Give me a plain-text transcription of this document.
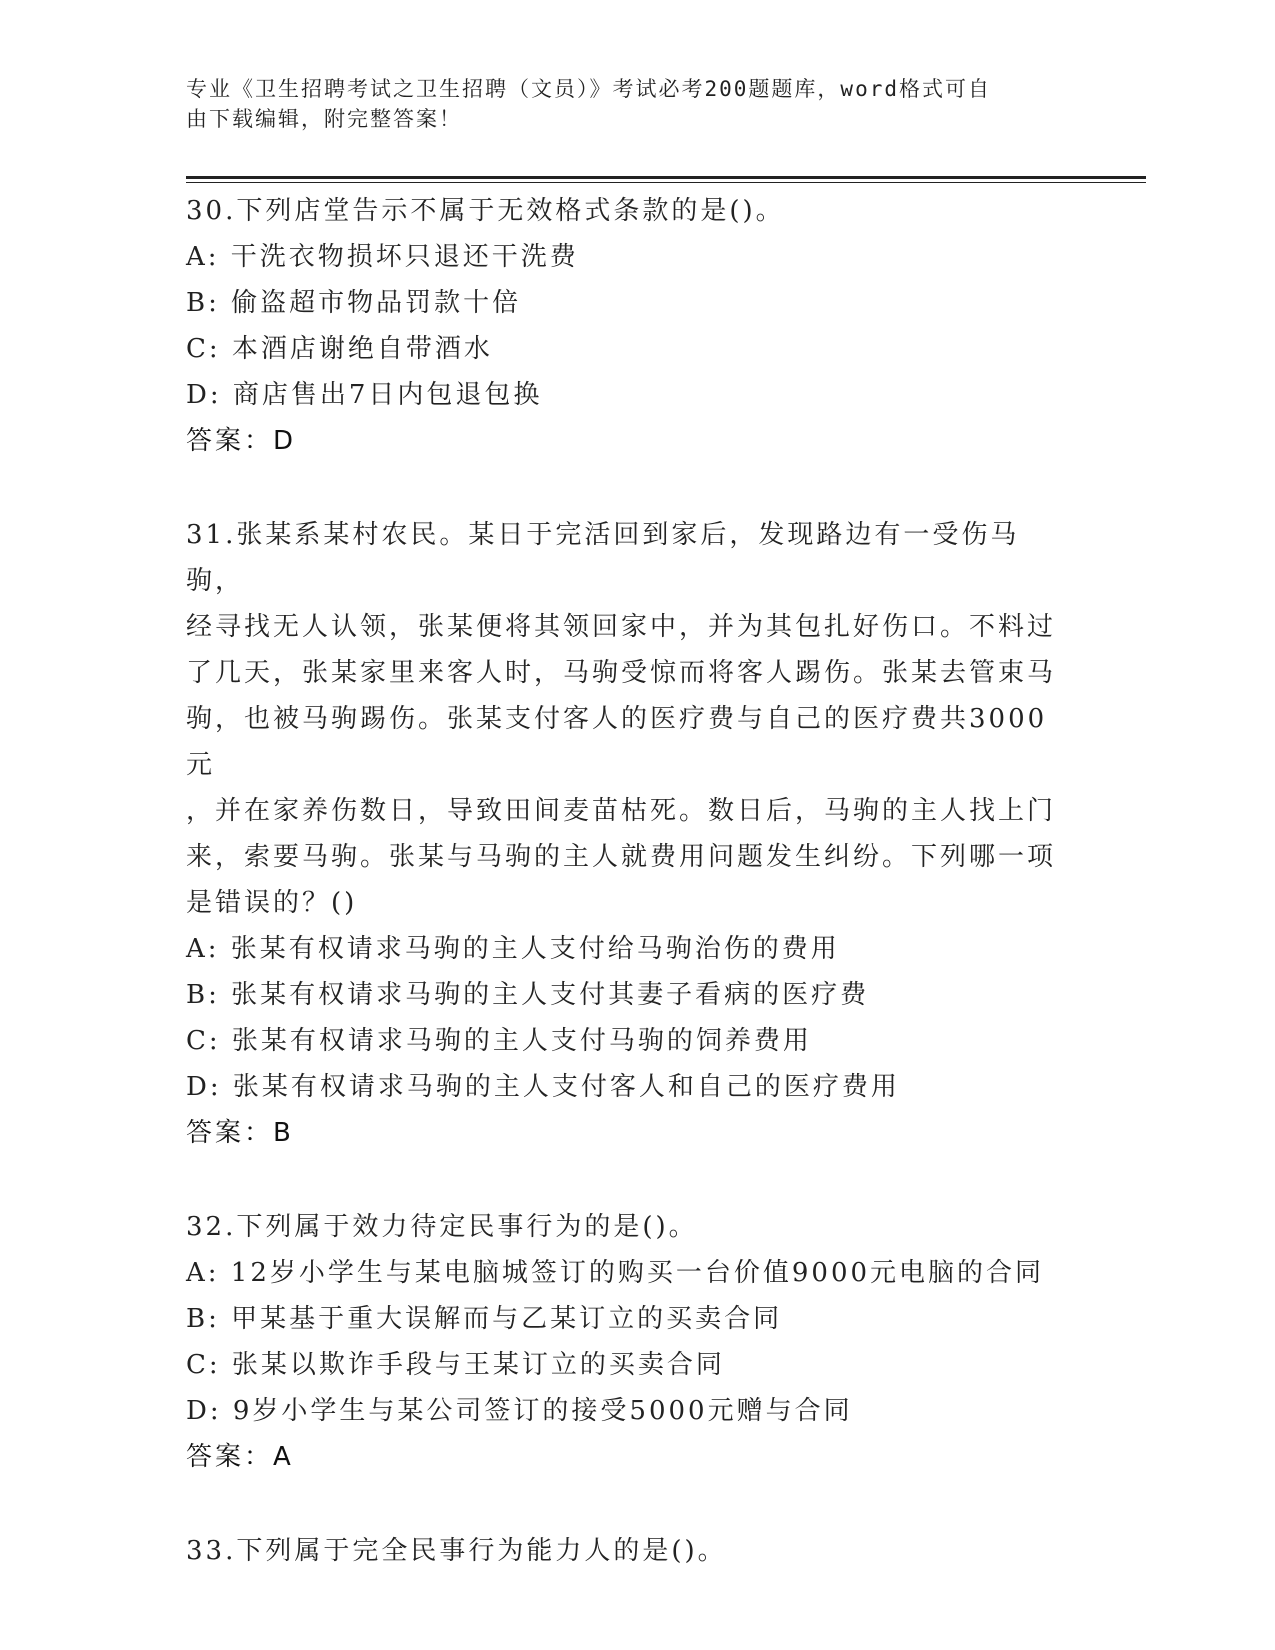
专业《卫生招聘考试之卫生招聘（文员）》考试必考200题题库，word格式可自
由下载编辑，附完整答案！

30.下列店堂告示不属于无效格式条款的是()。

A: 干洗衣物损坏只退还干洗费

B: 偷盗超市物品罚款十倍

C: 本酒店谢绝自带酒水

D: 商店售出7日内包退包换

答案：D

31.张某系某村农民。某日于完活回到家后，发现路边有一受伤马驹，

经寻找无人认领，张某便将其领回家中，并为其包扎好伤口。不料过

了几天，张某家里来客人时，马驹受惊而将客人踢伤。张某去管束马

驹，也被马驹踢伤。张某支付客人的医疗费与自己的医疗费共3000元

，并在家养伤数日，导致田间麦苗枯死。数日后，马驹的主人找上门

来，索要马驹。张某与马驹的主人就费用问题发生纠纷。下列哪一项

是错误的？()

A: 张某有权请求马驹的主人支付给马驹治伤的费用

B: 张某有权请求马驹的主人支付其妻子看病的医疗费

C: 张某有权请求马驹的主人支付马驹的饲养费用

D: 张某有权请求马驹的主人支付客人和自己的医疗费用

答案：B

32.下列属于效力待定民事行为的是()。

A: 12岁小学生与某电脑城签订的购买一台价值9000元电脑的合同

B: 甲某基于重大误解而与乙某订立的买卖合同

C: 张某以欺诈手段与王某订立的买卖合同

D: 9岁小学生与某公司签订的接受5000元赠与合同

答案：A

33.下列属于完全民事行为能力人的是()。
